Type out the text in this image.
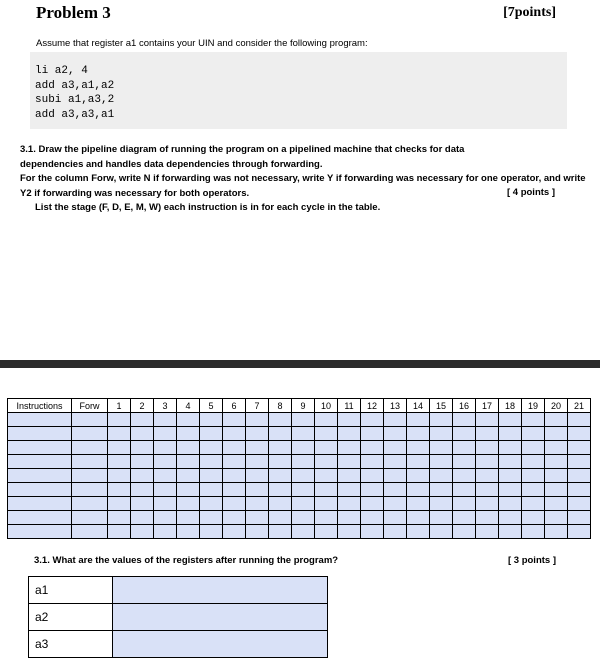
Problem 3	[7points]
Assume that register a1 contains your UIN and consider the following program:
li a2, 4
add a3,a1,a2
subi a1,a3,2
add a3,a3,a1
3.1. Draw the pipeline diagram of running the program on a pipelined machine that checks for data
dependencies and handles data dependencies through forwarding.
For the column Forw, write N if forwarding was not necessary, write Y if forwarding was necessary for one operator, and write
Y2 if forwarding was necessary for both operators.	[ 4 points ]
List the stage (F, D, E, M, W) each instruction is in for each cycle in the table.
Instructions	Forw	1	2	3	4	5	6	7	8	9	10	11	12	13	14	15	16	17	18	19	20	21

3.1. What are the values of the registers after running the program?	[ 3 points ]
a1	
a2	
a3	
